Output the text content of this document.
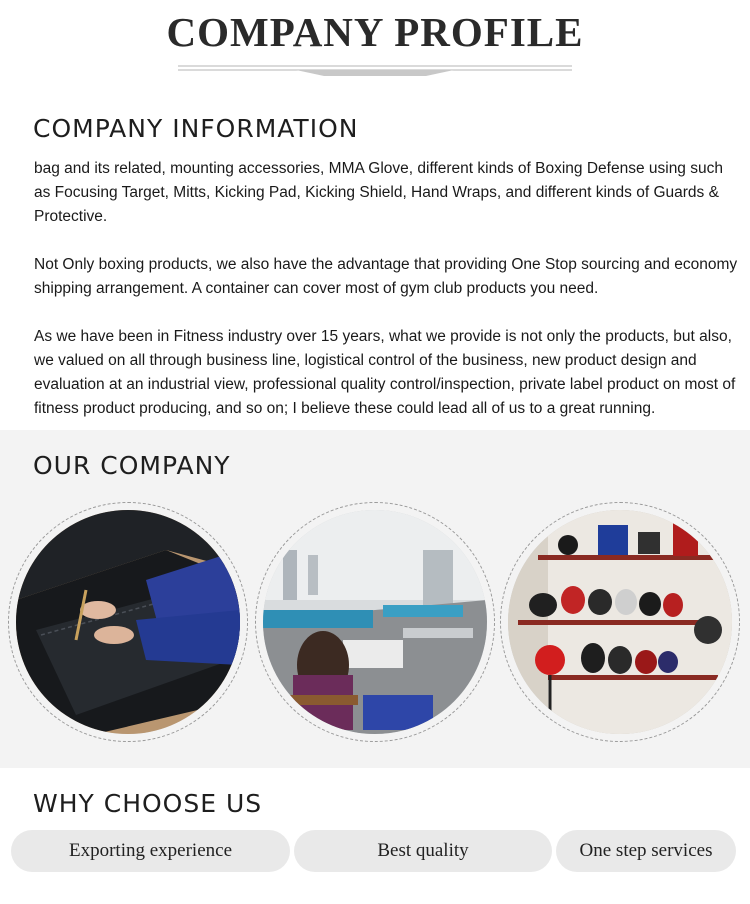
COMPANY PROFILE
COMPANY INFORMATION

bag and its related, mounting accessories, MMA Glove, different kinds of Boxing Defense using such as Focusing Target, Mitts, Kicking Pad, Kicking Shield, Hand Wraps, and different kinds of Guards & Protective.

Not Only boxing products, we also have the advantage that providing One Stop sourcing and economy shipping arrangement. A container can cover most of gym club products you need.

As we have been in Fitness industry over 15 years, what we provide is not only the products, but also, we valued on all through business line, logistical control of the business, new product design and evaluation at an industrial view, professional quality control/inspection, private label product on most of fitness product producing, and so on; I believe these could lead all of us to a great running.

OUR COMPANY
WHY CHOOSE US
Exporting experience	Best quality	One step services
